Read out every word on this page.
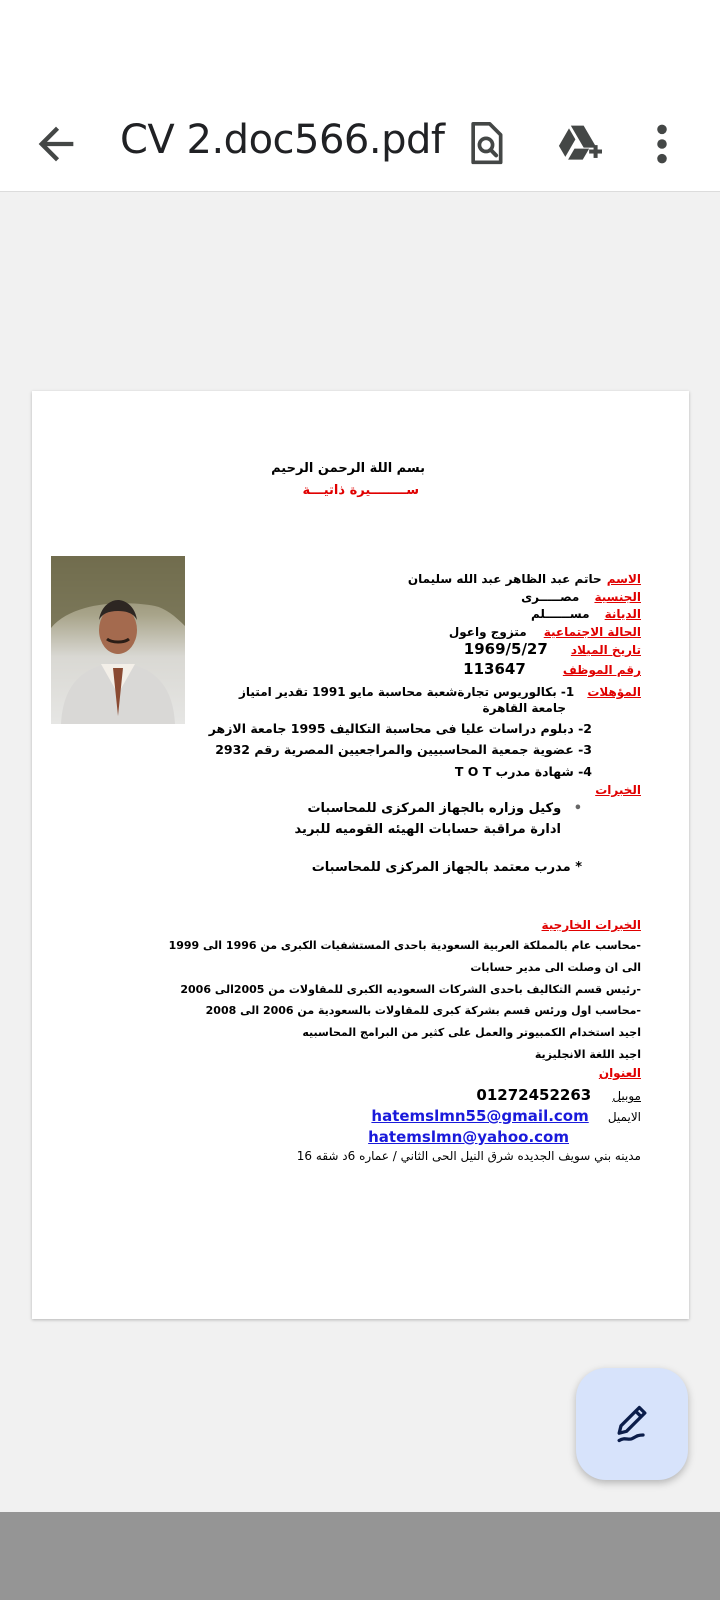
CV 2.doc566.pdf
بسم اللة الرحمن الرحيم
ســــــــيرة ذاتيـــة
الاسم حاتم عبد الظاهر عبد الله سليمان
الجنسية مصـــــرى
الديانة مســــــلم
الحالة الاجتماعية متزوج واعول
تاريخ الميلاد 1969/5/27
رقم الموظف 113647
المؤهلات 1- بكالوريوس تجارةشعبة محاسبة مايو 1991 تقدير امتياز
جامعة القاهرة
2- دبلوم دراسات عليا فى محاسبة التكاليف 1995 جامعة الازهر
3- عضوية جمعية المحاسبيين والمراجعيين المصرية رقم 2932
4- شهادة مدرب T O T
الخبرات
• وكيل وزاره بالجهاز المركزى للمحاسبات
ادارة مراقبة حسابات الهيئه القوميه للبريد
* مدرب معتمد بالجهاز المركزى للمحاسبات
الخبرات الخارجية
-محاسب عام بالمملكة العربية السعودية باحدى المستشفيات الكبرى من 1996 الى 1999
الى ان وصلت الى مدير حسابات
-رئيس قسم التكاليف باحدى الشركات السعوديه الكبرى للمقاولات من 2005الى 2006
-محاسب اول ورئس قسم بشركة كبرى للمقاولات بالسعودية من 2006 الى 2008
اجيد استخدام الكمبيوتر والعمل على كثير من البرامج المحاسبيه
اجيد اللغة الانجليزية
العنوان
موبيل 01272452263
الايميل hatemslmn55@gmail.com
hatemslmn@yahoo.com
مدينه بني سويف الجديده شرق النيل الحى الثاني / عماره 6د شقه 16
